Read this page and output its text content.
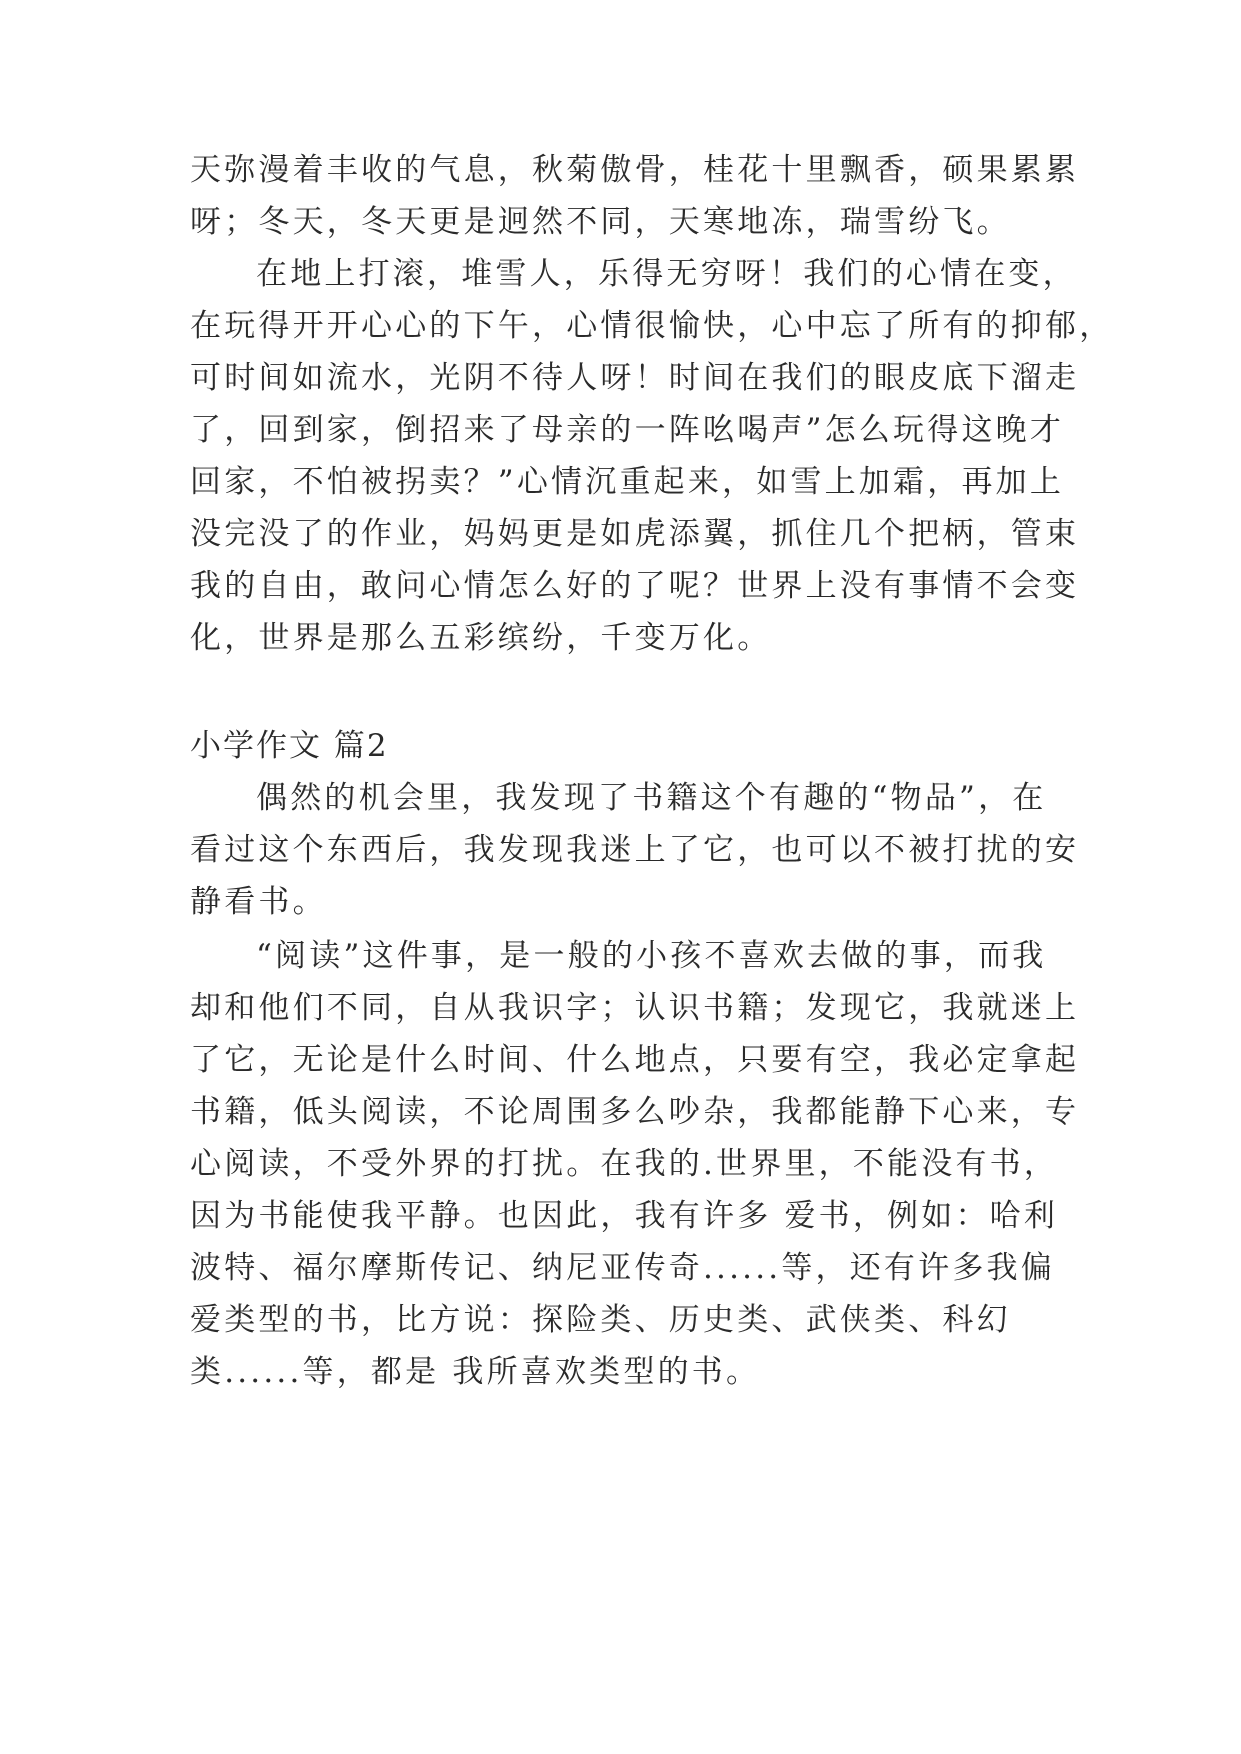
天弥漫着丰收的气息，秋菊傲骨，桂花十里飘香，硕果累累
呀；冬天，冬天更是迥然不同，天寒地冻，瑞雪纷飞。
在地上打滚，堆雪人，乐得无穷呀！我们的心情在变，
在玩得开开心心的下午，心情很愉快，心中忘了所有的抑郁，
可时间如流水，光阴不待人呀！时间在我们的眼皮底下溜走
了，回到家，倒招来了母亲的一阵吆喝声”怎么玩得这晚才
回家，不怕被拐卖？”心情沉重起来，如雪上加霜，再加上
没完没了的作业，妈妈更是如虎添翼，抓住几个把柄，管束
我的自由，敢问心情怎么好的了呢？世界上没有事情不会变
化，世界是那么五彩缤纷，千变万化。
小学作文 篇2
偶然的机会里，我发现了书籍这个有趣的“物品”，在
看过这个东西后，我发现我迷上了它，也可以不被打扰的安
静看书。
“阅读”这件事，是一般的小孩不喜欢去做的事，而我
却和他们不同，自从我识字；认识书籍；发现它，我就迷上
了它，无论是什么时间、什么地点，只要有空，我必定拿起
书籍，低头阅读，不论周围多么吵杂，我都能静下心来，专
心阅读，不受外界的打扰。在我的.世界里，不能没有书，
因为书能使我平静。也因此，我有许多 爱书，例如：哈利
波特、福尔摩斯传记、纳尼亚传奇......等，还有许多我偏
爱类型的书，比方说：探险类、历史类、武侠类、科幻
类......等，都是 我所喜欢类型的书。
